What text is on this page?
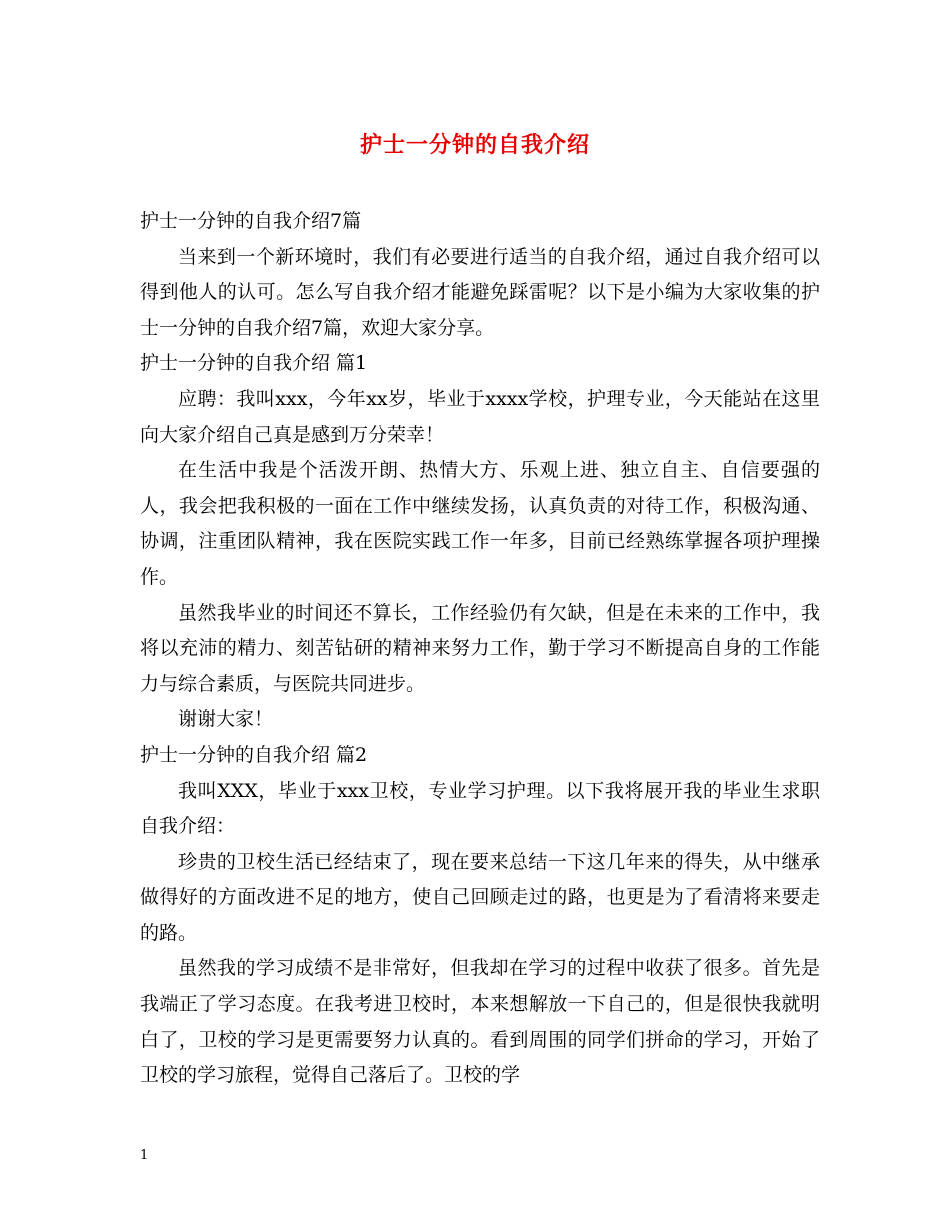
护士一分钟的自我介绍

护士一分钟的自我介绍7篇

当来到一个新环境时，我们有必要进行适当的自我介绍，通过自我介绍可以得到他人的认可。怎么写自我介绍才能避免踩雷呢？以下是小编为大家收集的护士一分钟的自我介绍7篇，欢迎大家分享。

护士一分钟的自我介绍 篇1

应聘：我叫xxx，今年xx岁，毕业于xxxx学校，护理专业，今天能站在这里向大家介绍自己真是感到万分荣幸！

在生活中我是个活泼开朗、热情大方、乐观上进、独立自主、自信要强的人，我会把我积极的一面在工作中继续发扬，认真负责的对待工作，积极沟通、协调，注重团队精神，我在医院实践工作一年多，目前已经熟练掌握各项护理操作。

虽然我毕业的时间还不算长，工作经验仍有欠缺，但是在未来的工作中，我将以充沛的精力、刻苦钻研的精神来努力工作，勤于学习不断提高自身的工作能力与综合素质，与医院共同进步。

谢谢大家！

护士一分钟的自我介绍 篇2

我叫XXX，毕业于xxx卫校，专业学习护理。以下我将展开我的毕业生求职自我介绍：

珍贵的卫校生活已经结束了，现在要来总结一下这几年来的得失，从中继承做得好的方面改进不足的地方，使自己回顾走过的路，也更是为了看清将来要走的路。

虽然我的学习成绩不是非常好，但我却在学习的过程中收获了很多。首先是我端正了学习态度。在我考进卫校时，本来想解放一下自己的，但是很快我就明白了，卫校的学习是更需要努力认真的。看到周围的同学们拼命的学习，开始了卫校的学习旅程，觉得自己落后了。卫校的学

1
